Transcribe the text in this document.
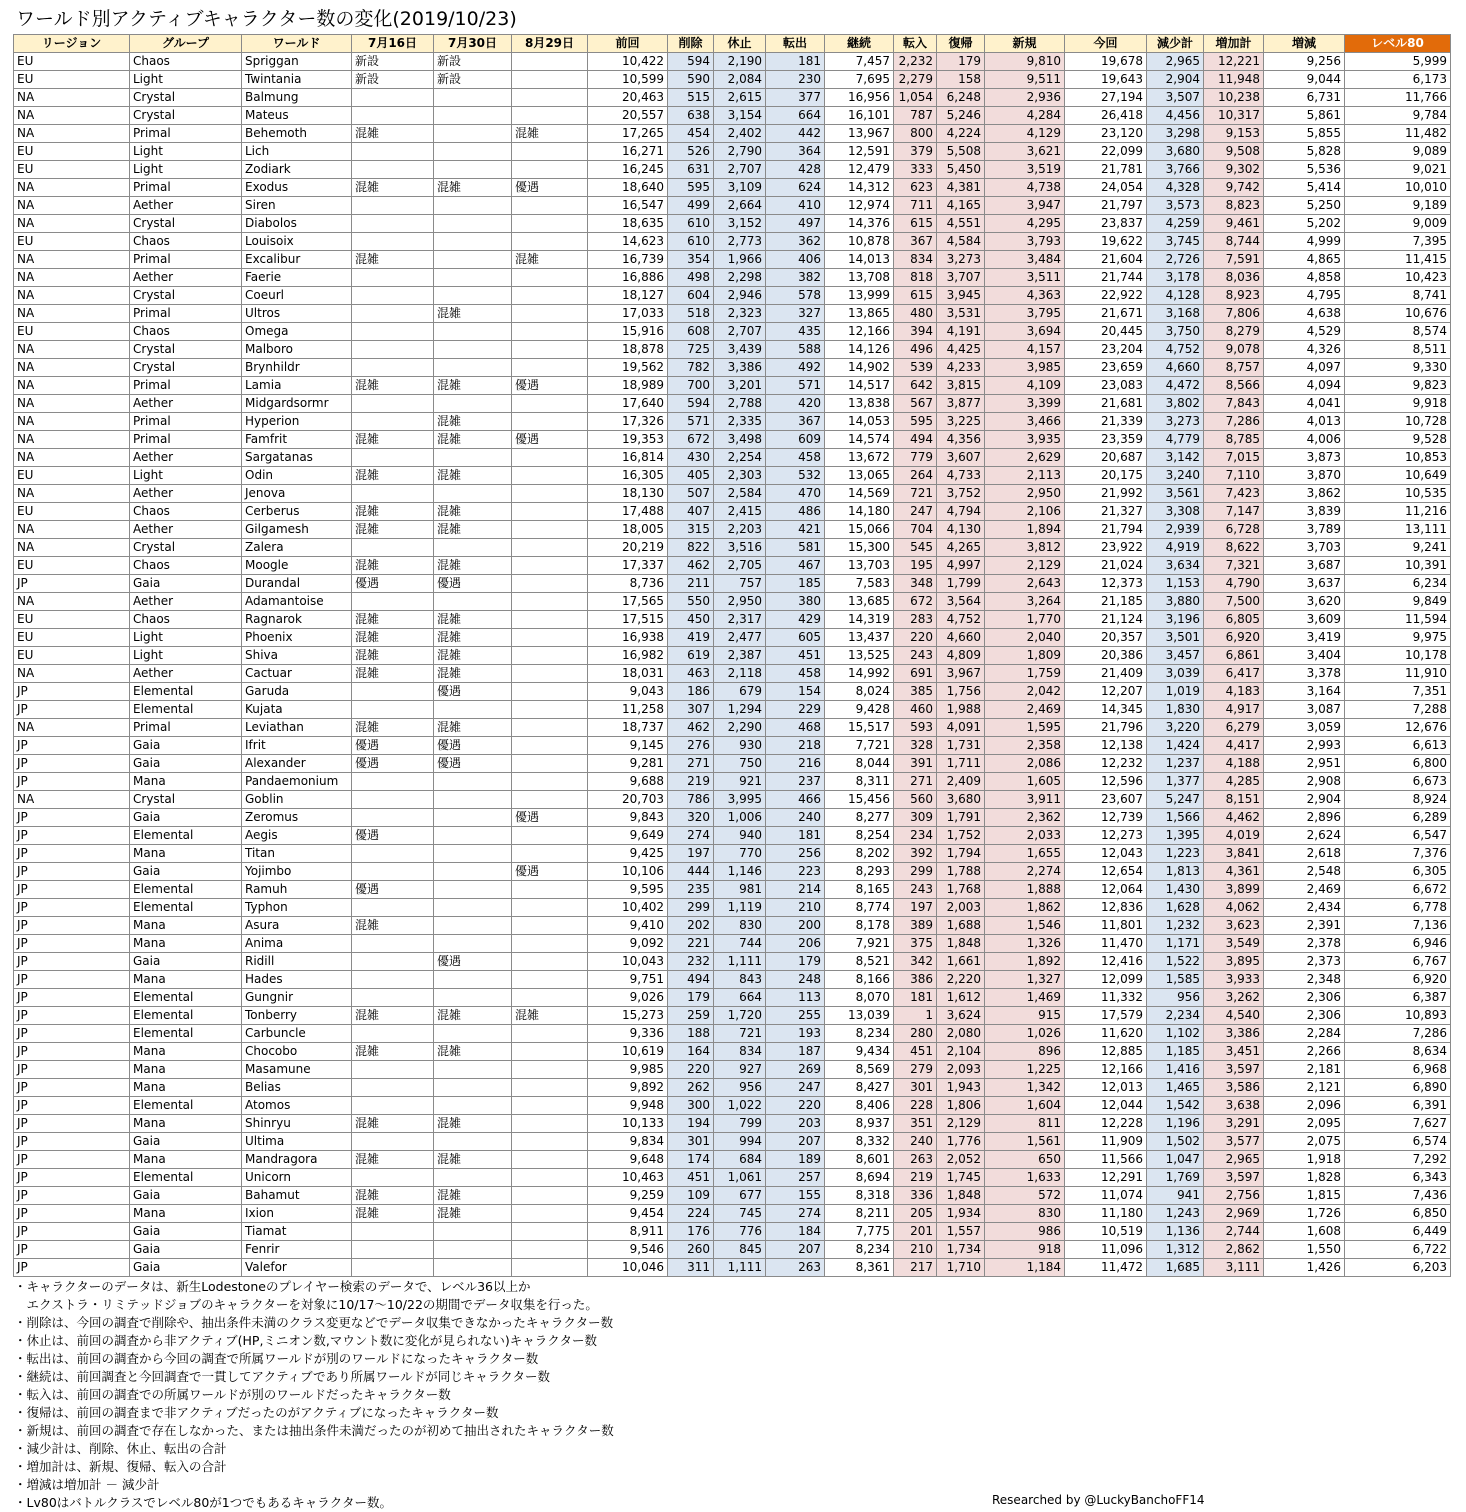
ワールド別アクティブキャラクター数の変化(2019/10/23)
リージョン	グループ	ワールド	7月16日	7月30日	8月29日	前回	削除	休止	転出	継続	転入	復帰	新規	今回	減少計	増加計	増減	レベル80
EU	Chaos	Spriggan	新設	新設		10,422	594	2,190	181	7,457	2,232	179	9,810	19,678	2,965	12,221	9,256	5,999
EU	Light	Twintania	新設	新設		10,599	590	2,084	230	7,695	2,279	158	9,511	19,643	2,904	11,948	9,044	6,173
NA	Crystal	Balmung				20,463	515	2,615	377	16,956	1,054	6,248	2,936	27,194	3,507	10,238	6,731	11,766
NA	Crystal	Mateus				20,557	638	3,154	664	16,101	787	5,246	4,284	26,418	4,456	10,317	5,861	9,784
NA	Primal	Behemoth	混雑		混雑	17,265	454	2,402	442	13,967	800	4,224	4,129	23,120	3,298	9,153	5,855	11,482
EU	Light	Lich				16,271	526	2,790	364	12,591	379	5,508	3,621	22,099	3,680	9,508	5,828	9,089
EU	Light	Zodiark				16,245	631	2,707	428	12,479	333	5,450	3,519	21,781	3,766	9,302	5,536	9,021
NA	Primal	Exodus	混雑	混雑	優遇	18,640	595	3,109	624	14,312	623	4,381	4,738	24,054	4,328	9,742	5,414	10,010
NA	Aether	Siren				16,547	499	2,664	410	12,974	711	4,165	3,947	21,797	3,573	8,823	5,250	9,189
NA	Crystal	Diabolos				18,635	610	3,152	497	14,376	615	4,551	4,295	23,837	4,259	9,461	5,202	9,009
EU	Chaos	Louisoix				14,623	610	2,773	362	10,878	367	4,584	3,793	19,622	3,745	8,744	4,999	7,395
NA	Primal	Excalibur	混雑		混雑	16,739	354	1,966	406	14,013	834	3,273	3,484	21,604	2,726	7,591	4,865	11,415
NA	Aether	Faerie				16,886	498	2,298	382	13,708	818	3,707	3,511	21,744	3,178	8,036	4,858	10,423
NA	Crystal	Coeurl				18,127	604	2,946	578	13,999	615	3,945	4,363	22,922	4,128	8,923	4,795	8,741
NA	Primal	Ultros		混雑		17,033	518	2,323	327	13,865	480	3,531	3,795	21,671	3,168	7,806	4,638	10,676
EU	Chaos	Omega				15,916	608	2,707	435	12,166	394	4,191	3,694	20,445	3,750	8,279	4,529	8,574
NA	Crystal	Malboro				18,878	725	3,439	588	14,126	496	4,425	4,157	23,204	4,752	9,078	4,326	8,511
NA	Crystal	Brynhildr				19,562	782	3,386	492	14,902	539	4,233	3,985	23,659	4,660	8,757	4,097	9,330
NA	Primal	Lamia	混雑	混雑	優遇	18,989	700	3,201	571	14,517	642	3,815	4,109	23,083	4,472	8,566	4,094	9,823
NA	Aether	Midgardsormr				17,640	594	2,788	420	13,838	567	3,877	3,399	21,681	3,802	7,843	4,041	9,918
NA	Primal	Hyperion		混雑		17,326	571	2,335	367	14,053	595	3,225	3,466	21,339	3,273	7,286	4,013	10,728
NA	Primal	Famfrit	混雑	混雑	優遇	19,353	672	3,498	609	14,574	494	4,356	3,935	23,359	4,779	8,785	4,006	9,528
NA	Aether	Sargatanas				16,814	430	2,254	458	13,672	779	3,607	2,629	20,687	3,142	7,015	3,873	10,853
EU	Light	Odin	混雑	混雑		16,305	405	2,303	532	13,065	264	4,733	2,113	20,175	3,240	7,110	3,870	10,649
NA	Aether	Jenova				18,130	507	2,584	470	14,569	721	3,752	2,950	21,992	3,561	7,423	3,862	10,535
EU	Chaos	Cerberus	混雑	混雑		17,488	407	2,415	486	14,180	247	4,794	2,106	21,327	3,308	7,147	3,839	11,216
NA	Aether	Gilgamesh	混雑	混雑		18,005	315	2,203	421	15,066	704	4,130	1,894	21,794	2,939	6,728	3,789	13,111
NA	Crystal	Zalera				20,219	822	3,516	581	15,300	545	4,265	3,812	23,922	4,919	8,622	3,703	9,241
EU	Chaos	Moogle	混雑	混雑		17,337	462	2,705	467	13,703	195	4,997	2,129	21,024	3,634	7,321	3,687	10,391
JP	Gaia	Durandal	優遇	優遇		8,736	211	757	185	7,583	348	1,799	2,643	12,373	1,153	4,790	3,637	6,234
NA	Aether	Adamantoise				17,565	550	2,950	380	13,685	672	3,564	3,264	21,185	3,880	7,500	3,620	9,849
EU	Chaos	Ragnarok	混雑	混雑		17,515	450	2,317	429	14,319	283	4,752	1,770	21,124	3,196	6,805	3,609	11,594
EU	Light	Phoenix	混雑	混雑		16,938	419	2,477	605	13,437	220	4,660	2,040	20,357	3,501	6,920	3,419	9,975
EU	Light	Shiva	混雑	混雑		16,982	619	2,387	451	13,525	243	4,809	1,809	20,386	3,457	6,861	3,404	10,178
NA	Aether	Cactuar	混雑	混雑		18,031	463	2,118	458	14,992	691	3,967	1,759	21,409	3,039	6,417	3,378	11,910
JP	Elemental	Garuda		優遇		9,043	186	679	154	8,024	385	1,756	2,042	12,207	1,019	4,183	3,164	7,351
JP	Elemental	Kujata				11,258	307	1,294	229	9,428	460	1,988	2,469	14,345	1,830	4,917	3,087	7,288
NA	Primal	Leviathan	混雑	混雑		18,737	462	2,290	468	15,517	593	4,091	1,595	21,796	3,220	6,279	3,059	12,676
JP	Gaia	Ifrit	優遇	優遇		9,145	276	930	218	7,721	328	1,731	2,358	12,138	1,424	4,417	2,993	6,613
JP	Gaia	Alexander	優遇	優遇		9,281	271	750	216	8,044	391	1,711	2,086	12,232	1,237	4,188	2,951	6,800
JP	Mana	Pandaemonium				9,688	219	921	237	8,311	271	2,409	1,605	12,596	1,377	4,285	2,908	6,673
NA	Crystal	Goblin				20,703	786	3,995	466	15,456	560	3,680	3,911	23,607	5,247	8,151	2,904	8,924
JP	Gaia	Zeromus			優遇	9,843	320	1,006	240	8,277	309	1,791	2,362	12,739	1,566	4,462	2,896	6,289
JP	Elemental	Aegis	優遇			9,649	274	940	181	8,254	234	1,752	2,033	12,273	1,395	4,019	2,624	6,547
JP	Mana	Titan				9,425	197	770	256	8,202	392	1,794	1,655	12,043	1,223	3,841	2,618	7,376
JP	Gaia	Yojimbo			優遇	10,106	444	1,146	223	8,293	299	1,788	2,274	12,654	1,813	4,361	2,548	6,305
JP	Elemental	Ramuh	優遇			9,595	235	981	214	8,165	243	1,768	1,888	12,064	1,430	3,899	2,469	6,672
JP	Elemental	Typhon				10,402	299	1,119	210	8,774	197	2,003	1,862	12,836	1,628	4,062	2,434	6,778
JP	Mana	Asura	混雑			9,410	202	830	200	8,178	389	1,688	1,546	11,801	1,232	3,623	2,391	7,136
JP	Mana	Anima				9,092	221	744	206	7,921	375	1,848	1,326	11,470	1,171	3,549	2,378	6,946
JP	Gaia	Ridill		優遇		10,043	232	1,111	179	8,521	342	1,661	1,892	12,416	1,522	3,895	2,373	6,767
JP	Mana	Hades				9,751	494	843	248	8,166	386	2,220	1,327	12,099	1,585	3,933	2,348	6,920
JP	Elemental	Gungnir				9,026	179	664	113	8,070	181	1,612	1,469	11,332	956	3,262	2,306	6,387
JP	Elemental	Tonberry	混雑	混雑	混雑	15,273	259	1,720	255	13,039	1	3,624	915	17,579	2,234	4,540	2,306	10,893
JP	Elemental	Carbuncle				9,336	188	721	193	8,234	280	2,080	1,026	11,620	1,102	3,386	2,284	7,286
JP	Mana	Chocobo	混雑	混雑		10,619	164	834	187	9,434	451	2,104	896	12,885	1,185	3,451	2,266	8,634
JP	Mana	Masamune				9,985	220	927	269	8,569	279	2,093	1,225	12,166	1,416	3,597	2,181	6,968
JP	Mana	Belias				9,892	262	956	247	8,427	301	1,943	1,342	12,013	1,465	3,586	2,121	6,890
JP	Elemental	Atomos				9,948	300	1,022	220	8,406	228	1,806	1,604	12,044	1,542	3,638	2,096	6,391
JP	Mana	Shinryu	混雑	混雑		10,133	194	799	203	8,937	351	2,129	811	12,228	1,196	3,291	2,095	7,627
JP	Gaia	Ultima				9,834	301	994	207	8,332	240	1,776	1,561	11,909	1,502	3,577	2,075	6,574
JP	Mana	Mandragora	混雑	混雑		9,648	174	684	189	8,601	263	2,052	650	11,566	1,047	2,965	1,918	7,292
JP	Elemental	Unicorn				10,463	451	1,061	257	8,694	219	1,745	1,633	12,291	1,769	3,597	1,828	6,343
JP	Gaia	Bahamut	混雑	混雑		9,259	109	677	155	8,318	336	1,848	572	11,074	941	2,756	1,815	7,436
JP	Mana	Ixion	混雑	混雑		9,454	224	745	274	8,211	205	1,934	830	11,180	1,243	2,969	1,726	6,850
JP	Gaia	Tiamat				8,911	176	776	184	7,775	201	1,557	986	10,519	1,136	2,744	1,608	6,449
JP	Gaia	Fenrir				9,546	260	845	207	8,234	210	1,734	918	11,096	1,312	2,862	1,550	6,722
JP	Gaia	Valefor				10,046	311	1,111	263	8,361	217	1,710	1,184	11,472	1,685	3,111	1,426	6,203
・キャラクターのデータは、新生Lodestoneのプレイヤー検索のデータで、レベル36以上か
　エクストラ・リミテッドジョブのキャラクターを対象に10/17～10/22の期間でデータ収集を行った。
・削除は、今回の調査で削除や、抽出条件未満のクラス変更などでデータ収集できなかったキャラクター数
・休止は、前回の調査から非アクティブ(HP,ミニオン数,マウント数に変化が見られない)キャラクター数
・転出は、前回の調査から今回の調査で所属ワールドが別のワールドになったキャラクター数
・継続は、前回調査と今回調査で一貫してアクティブであり所属ワールドが同じキャラクター数
・転入は、前回の調査での所属ワールドが別のワールドだったキャラクター数
・復帰は、前回の調査まで非アクティブだったのがアクティブになったキャラクター数
・新規は、前回の調査で存在しなかった、または抽出条件未満だったのが初めて抽出されたキャラクター数
・減少計は、削除、休止、転出の合計
・増加計は、新規、復帰、転入の合計
・増減は増加計 － 減少計
・Lv80はバトルクラスでレベル80が1つでもあるキャラクター数。	Researched by @LuckyBanchoFF14
